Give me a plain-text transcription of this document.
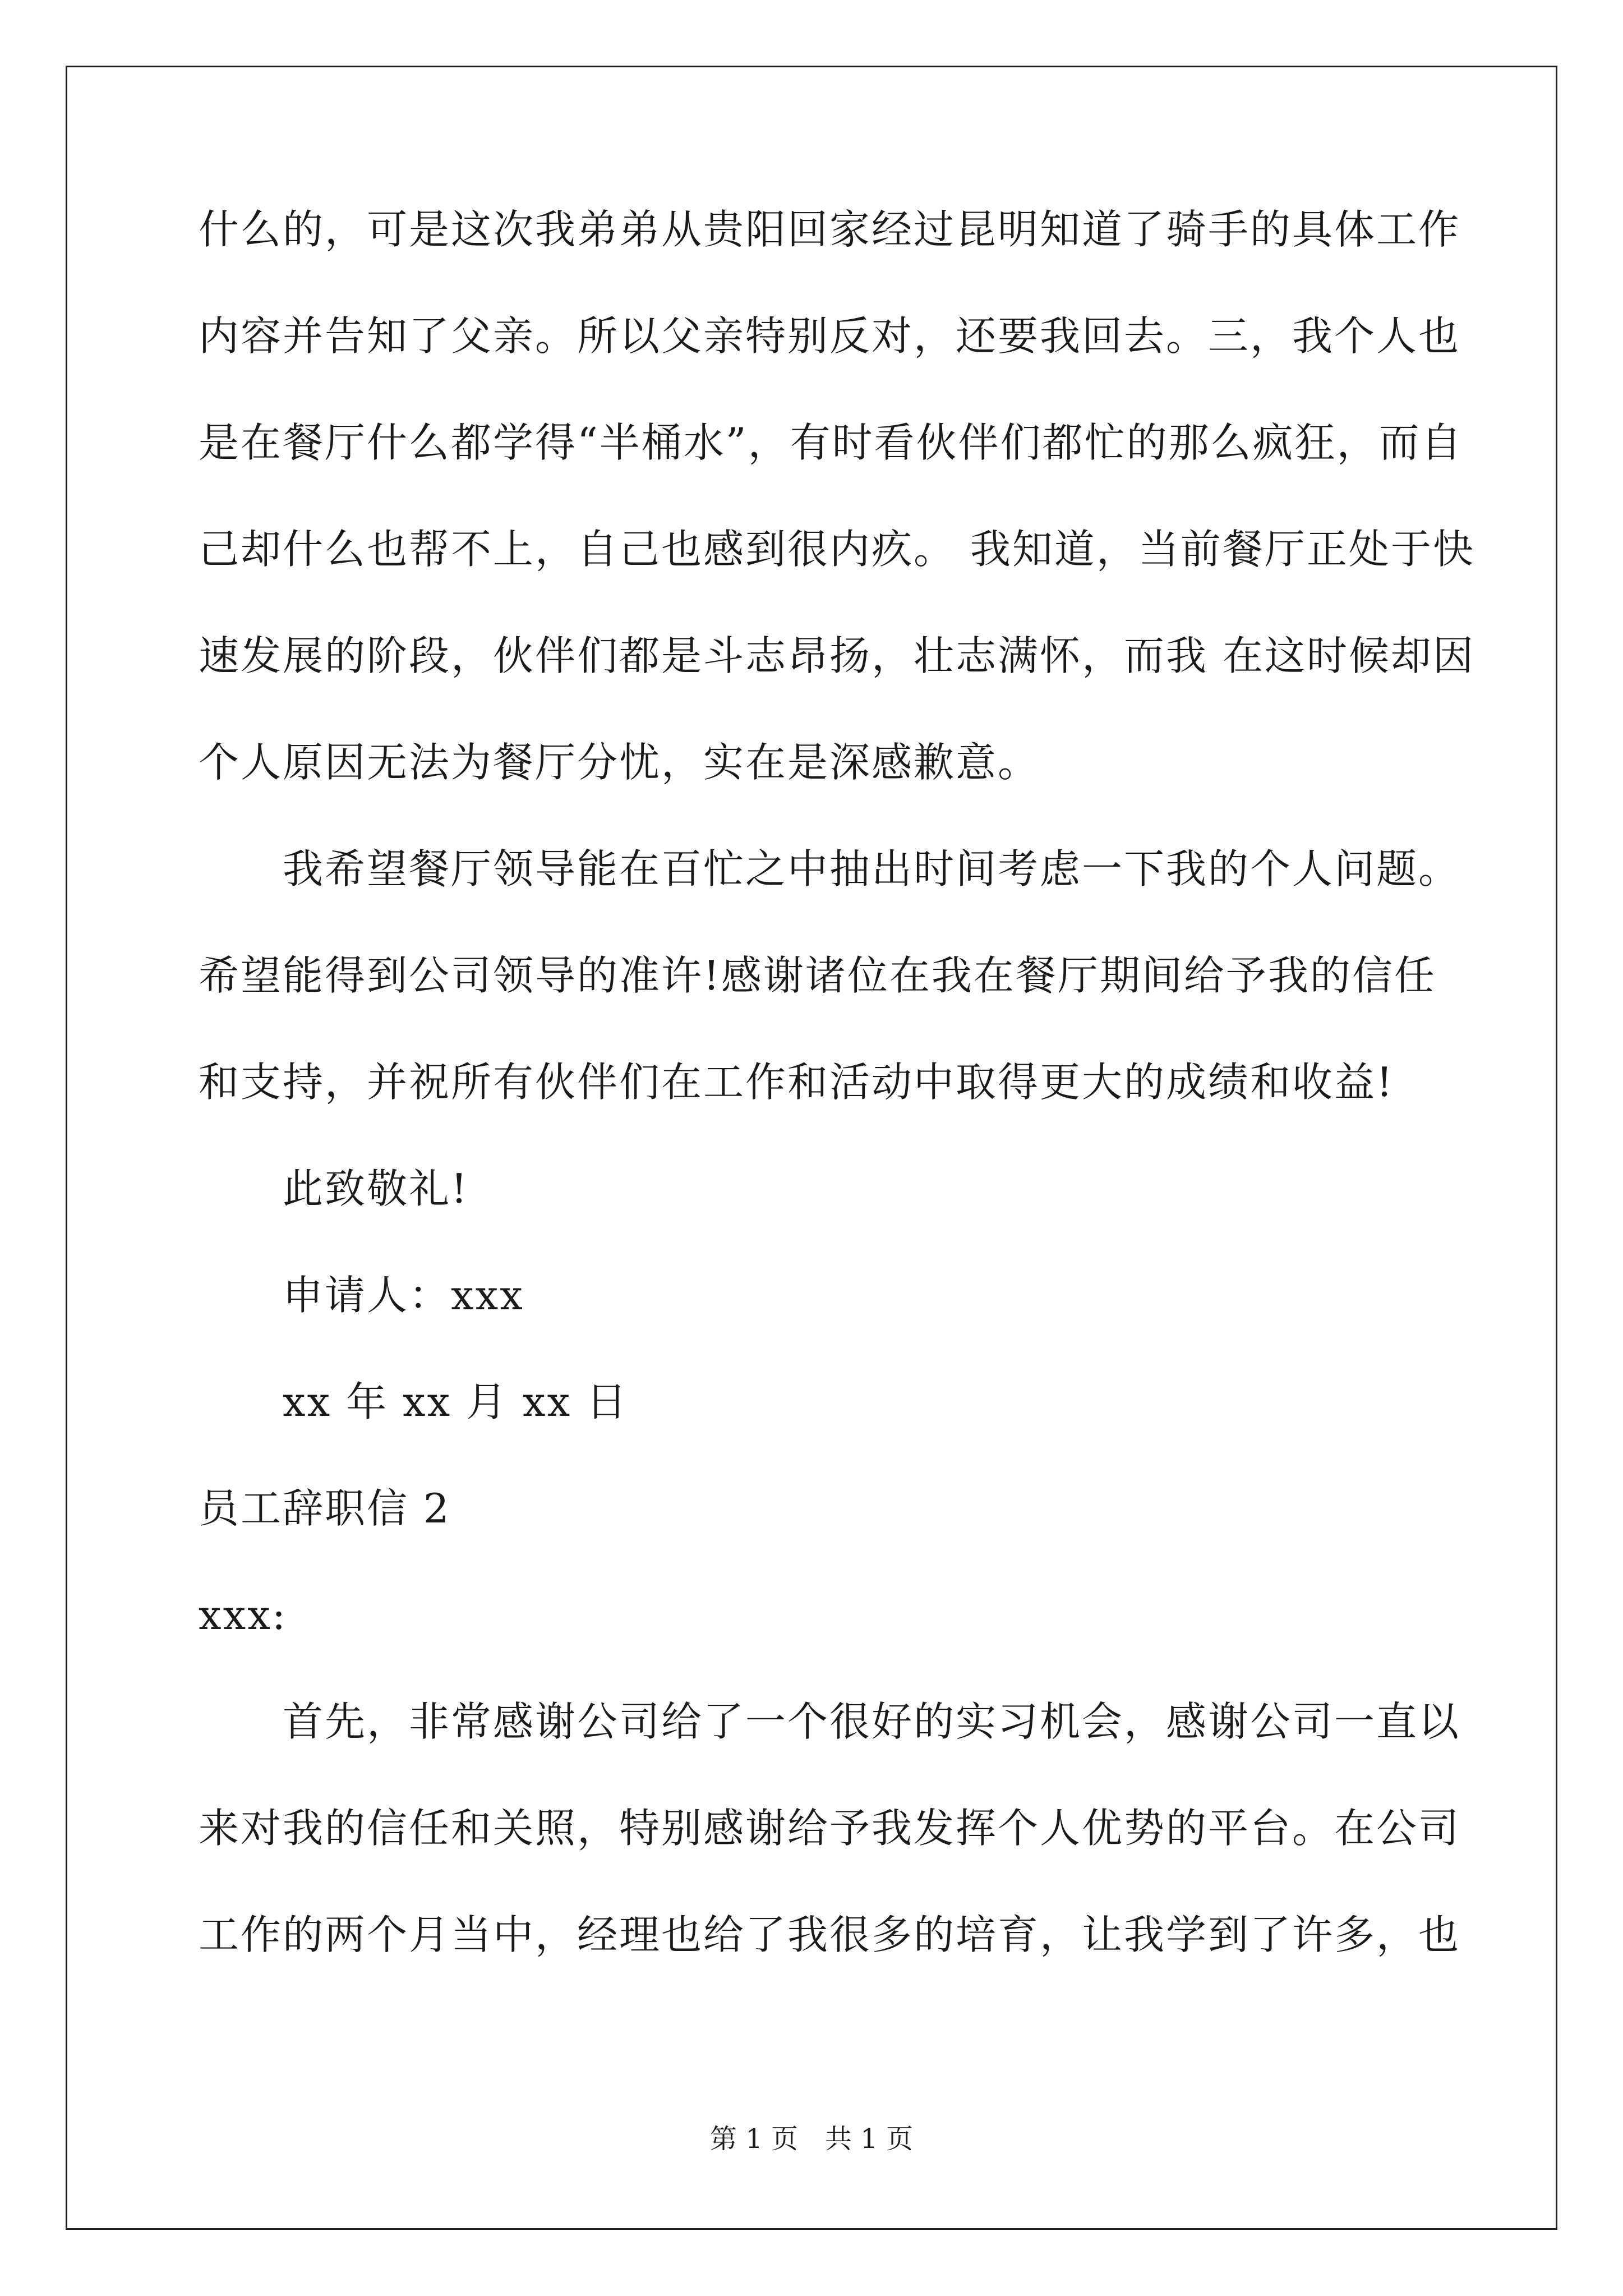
什么的，可是这次我弟弟从贵阳回家经过昆明知道了骑手的具体工作
内容并告知了父亲。所以父亲特别反对，还要我回去。三，我个人也
是在餐厅什么都学得“半桶水”，有时看伙伴们都忙的那么疯狂，而自
己却什么也帮不上，自己也感到很内疚。 我知道，当前餐厅正处于快
速发展的阶段，伙伴们都是斗志昂扬，壮志满怀，而我 在这时候却因
个人原因无法为餐厅分忧，实在是深感歉意。
我希望餐厅领导能在百忙之中抽出时间考虑一下我的个人问题。
希望能得到公司领导的准许!感谢诸位在我在餐厅期间给予我的信任
和支持，并祝所有伙伴们在工作和活动中取得更大的成绩和收益!
此致敬礼!
申请人：xxx
xx 年 xx 月 xx 日
员工辞职信 2
xxx:
首先，非常感谢公司给了一个很好的实习机会，感谢公司一直以
来对我的信任和关照，特别感谢给予我发挥个人优势的平台。在公司
工作的两个月当中，经理也给了我很多的培育，让我学到了许多，也
第 1 页　共 1 页
